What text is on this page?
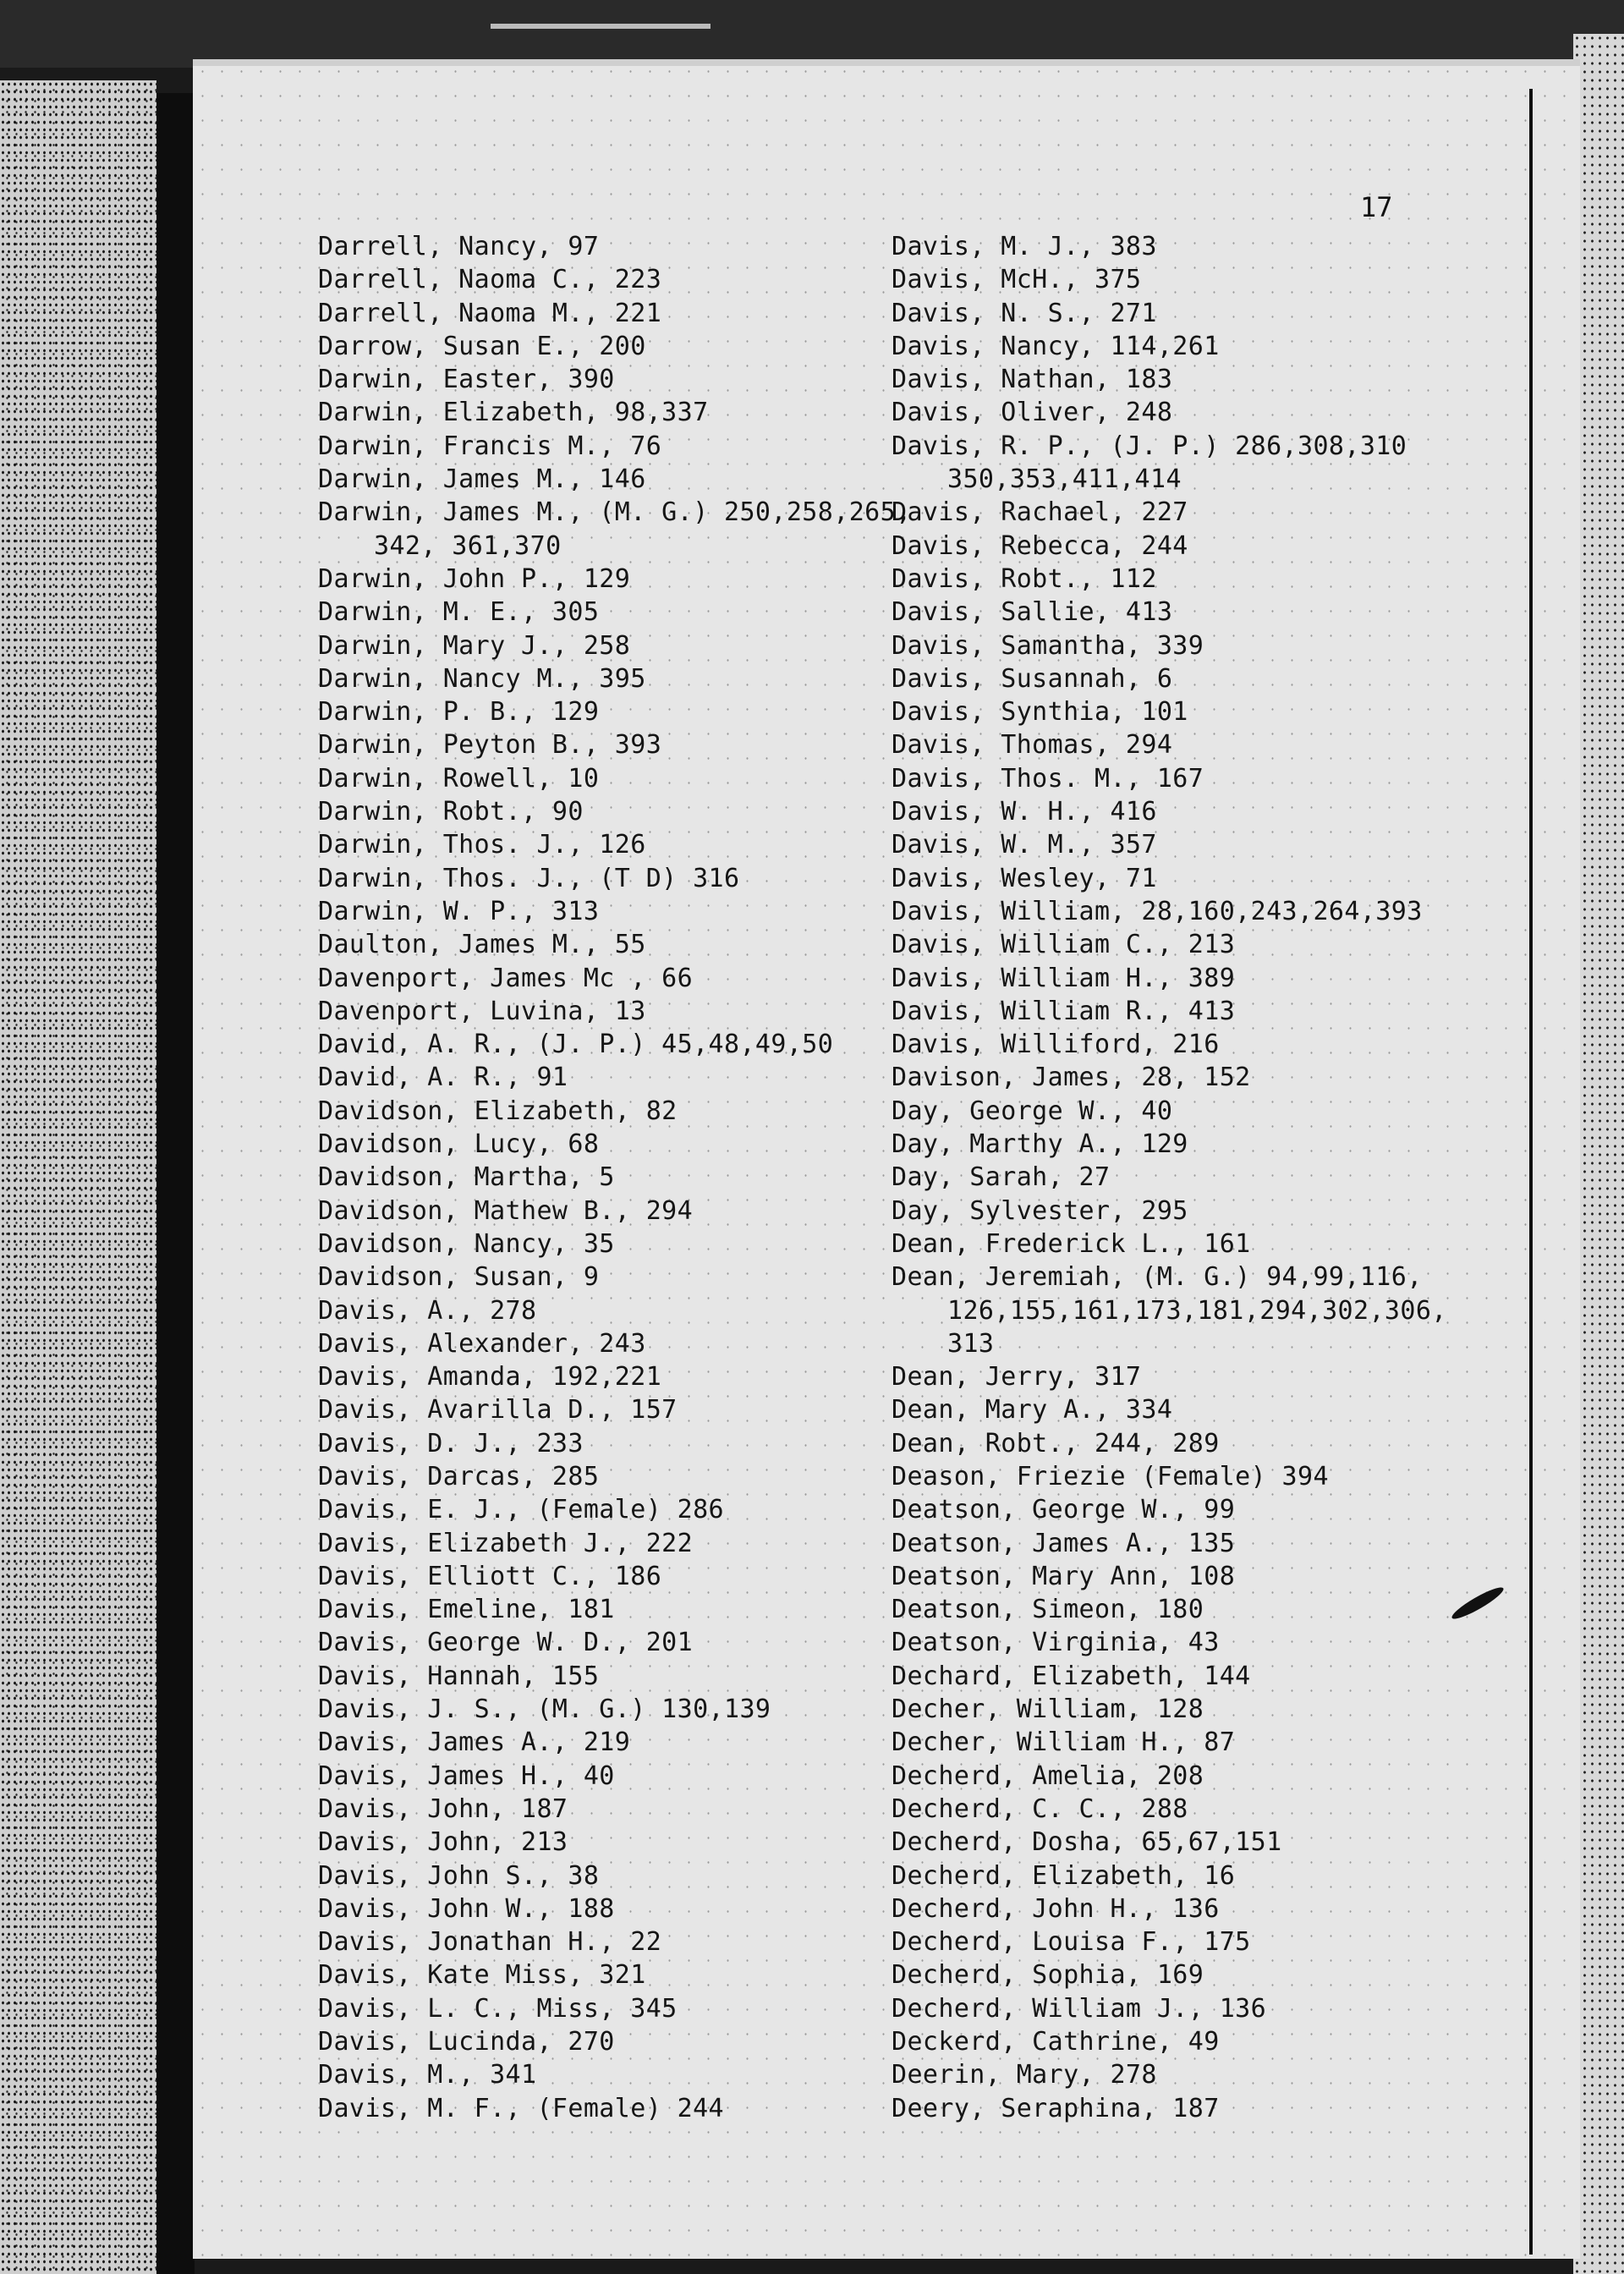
17
Darrell, Nancy, 97
Darrell, Naoma C., 223
Darrell, Naoma M., 221
Darrow, Susan E., 200
Darwin, Easter, 390
Darwin, Elizabeth, 98,337
Darwin, Francis M., 76
Darwin, James M., 146
Darwin, James M., (M. G.) 250,258,265,
342, 361,370
Darwin, John P., 129
Darwin, M. E., 305
Darwin, Mary J., 258
Darwin, Nancy M., 395
Darwin, P. B., 129
Darwin, Peyton B., 393
Darwin, Rowell, 10
Darwin, Robt., 90
Darwin, Thos. J., 126
Darwin, Thos. J., (T D) 316
Darwin, W. P., 313
Daulton, James M., 55
Davenport, James Mc , 66
Davenport, Luvina, 13
David, A. R., (J. P.) 45,48,49,50
David, A. R., 91
Davidson, Elizabeth, 82
Davidson, Lucy, 68
Davidson, Martha, 5
Davidson, Mathew B., 294
Davidson, Nancy, 35
Davidson, Susan, 9
Davis, A., 278
Davis, Alexander, 243
Davis, Amanda, 192,221
Davis, Avarilla D., 157
Davis, D. J., 233
Davis, Darcas, 285
Davis, E. J., (Female) 286
Davis, Elizabeth J., 222
Davis, Elliott C., 186
Davis, Emeline, 181
Davis, George W. D., 201
Davis, Hannah, 155
Davis, J. S., (M. G.) 130,139
Davis, James A., 219
Davis, James H., 40
Davis, John, 187
Davis, John, 213
Davis, John S., 38
Davis, John W., 188
Davis, Jonathan H., 22
Davis, Kate Miss, 321
Davis, L. C., Miss, 345
Davis, Lucinda, 270
Davis, M., 341
Davis, M. F., (Female) 244
Davis, M. J., 383
Davis, McH., 375
Davis, N. S., 271
Davis, Nancy, 114,261
Davis, Nathan, 183
Davis, Oliver, 248
Davis, R. P., (J. P.) 286,308,310
350,353,411,414
Davis, Rachael, 227
Davis, Rebecca, 244
Davis, Robt., 112
Davis, Sallie, 413
Davis, Samantha, 339
Davis, Susannah, 6
Davis, Synthia, 101
Davis, Thomas, 294
Davis, Thos. M., 167
Davis, W. H., 416
Davis, W. M., 357
Davis, Wesley, 71
Davis, William, 28,160,243,264,393
Davis, William C., 213
Davis, William H., 389
Davis, William R., 413
Davis, Williford, 216
Davison, James, 28, 152
Day, George W., 40
Day, Marthy A., 129
Day, Sarah, 27
Day, Sylvester, 295
Dean, Frederick L., 161
Dean, Jeremiah, (M. G.) 94,99,116,
126,155,161,173,181,294,302,306,
313
Dean, Jerry, 317
Dean, Mary A., 334
Dean, Robt., 244, 289
Deason, Friezie (Female) 394
Deatson, George W., 99
Deatson, James A., 135
Deatson, Mary Ann, 108
Deatson, Simeon, 180
Deatson, Virginia, 43
Dechard, Elizabeth, 144
Decher, William, 128
Decher, William H., 87
Decherd, Amelia, 208
Decherd, C. C., 288
Decherd, Dosha, 65,67,151
Decherd, Elizabeth, 16
Decherd, John H., 136
Decherd, Louisa F., 175
Decherd, Sophia, 169
Decherd, William J., 136
Deckerd, Cathrine, 49
Deerin, Mary, 278
Deery, Seraphina, 187
